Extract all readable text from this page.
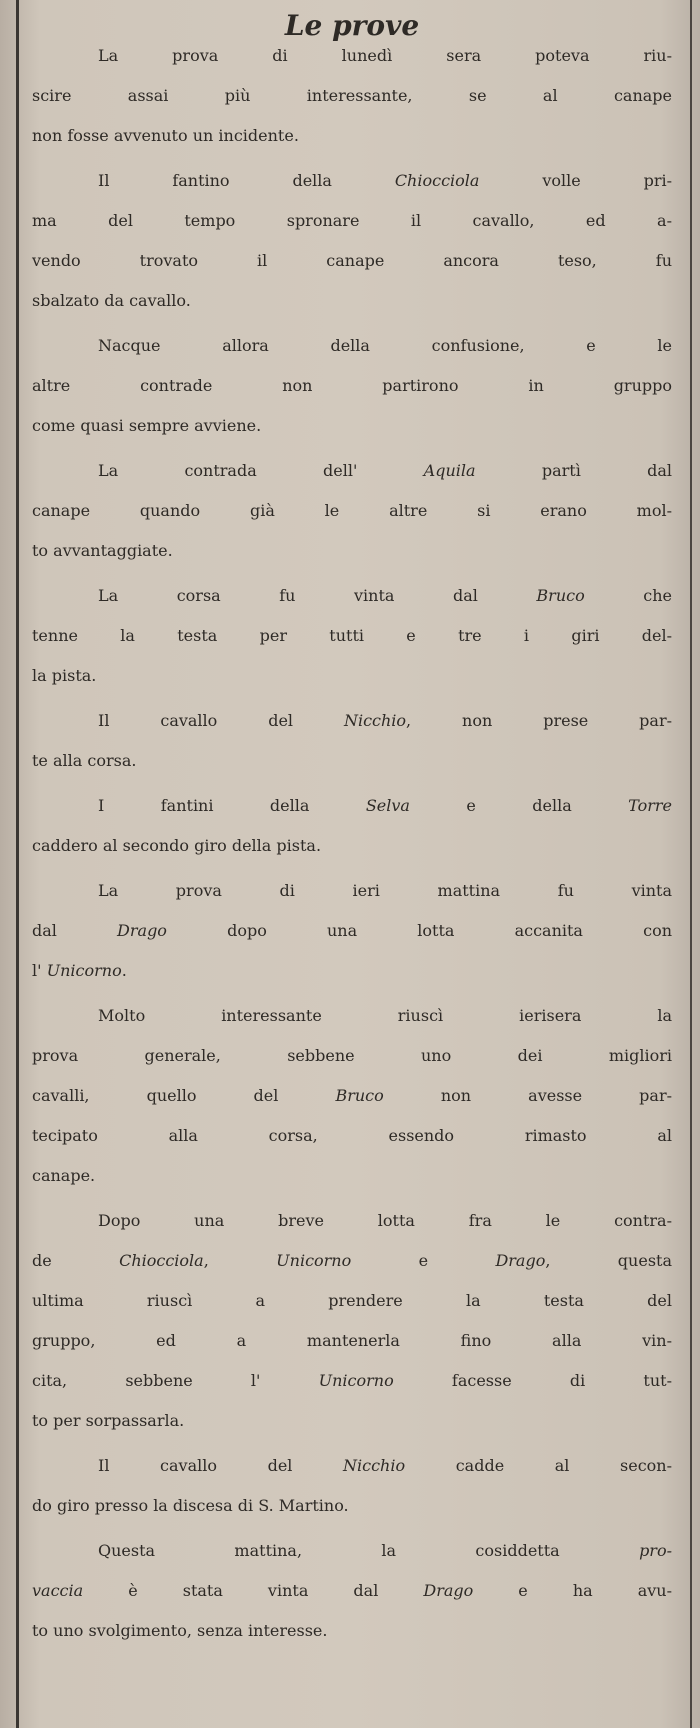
Le prove
La prova di lunedì sera poteva riu-
scire assai più interessante, se al canape
non fosse avvenuto un incidente.
Il fantino della Chiocciola volle pri-
ma del tempo spronare il cavallo, ed a-
vendo trovato il canape ancora teso, fu
sbalzato da cavallo.
Nacque allora della confusione, e le
altre contrade non partirono in gruppo
come quasi sempre avviene.
La contrada dell' Aquila partì dal
canape quando già le altre si erano mol-
to avvantaggiate.
La corsa fu vinta dal Bruco che
tenne la testa per tutti e tre i giri del-
la pista.
Il cavallo del Nicchio, non prese par-
te alla corsa.
I fantini della Selva e della Torre
caddero al secondo giro della pista.
La prova di ieri mattina fu vinta
dal Drago dopo una lotta accanita con
l' Unicorno.
Molto interessante riuscì ierisera la
prova generale, sebbene uno dei migliori
cavalli, quello del Bruco non avesse par-
tecipato alla corsa, essendo rimasto al
canape.
Dopo una breve lotta fra le contra-
de Chiocciola, Unicorno e Drago, questa
ultima riuscì a prendere la testa del
gruppo, ed a mantenerla fino alla vin-
cita, sebbene l' Unicorno facesse di tut-
to per sorpassarla.
Il cavallo del Nicchio cadde al secon-
do giro presso la discesa di S. Martino.
Questa mattina, la cosiddetta pro-
vaccia è stata vinta dal Drago e ha avu-
to uno svolgimento, senza interesse.
